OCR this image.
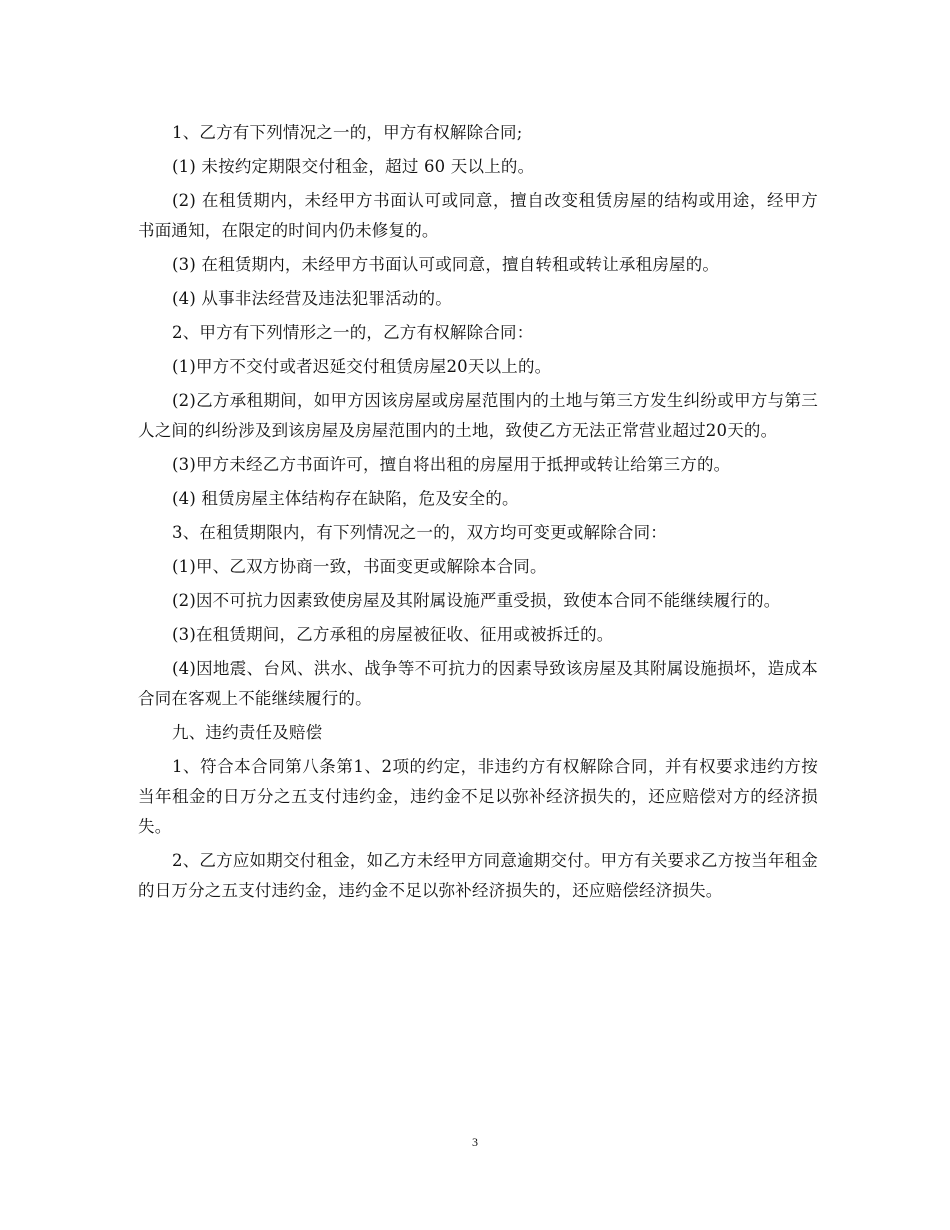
1、乙方有下列情况之一的，甲方有权解除合同;

(1) 未按约定期限交付租金，超过 60 天以上的。

(2) 在租赁期内，未经甲方书面认可或同意，擅自改变租赁房屋的结构或用途，经甲方书面通知，在限定的时间内仍未修复的。

(3) 在租赁期内，未经甲方书面认可或同意，擅自转租或转让承租房屋的。

(4) 从事非法经营及违法犯罪活动的。

2、甲方有下列情形之一的，乙方有权解除合同：

(1)甲方不交付或者迟延交付租赁房屋20天以上的。

(2)乙方承租期间，如甲方因该房屋或房屋范围内的土地与第三方发生纠纷或甲方与第三人之间的纠纷涉及到该房屋及房屋范围内的土地，致使乙方无法正常营业超过20天的。

(3)甲方未经乙方书面许可，擅自将出租的房屋用于抵押或转让给第三方的。

(4) 租赁房屋主体结构存在缺陷，危及安全的。

3、在租赁期限内，有下列情况之一的，双方均可变更或解除合同：

(1)甲、乙双方协商一致，书面变更或解除本合同。

(2)因不可抗力因素致使房屋及其附属设施严重受损，致使本合同不能继续履行的。

(3)在租赁期间，乙方承租的房屋被征收、征用或被拆迁的。

(4)因地震、台风、洪水、战争等不可抗力的因素导致该房屋及其附属设施损坏，造成本合同在客观上不能继续履行的。

九、违约责任及赔偿

1、符合本合同第八条第1、2项的约定，非违约方有权解除合同，并有权要求违约方按当年租金的日万分之五支付违约金，违约金不足以弥补经济损失的，还应赔偿对方的经济损失。

2、乙方应如期交付租金，如乙方未经甲方同意逾期交付。甲方有关要求乙方按当年租金的日万分之五支付违约金，违约金不足以弥补经济损失的，还应赔偿经济损失。

3
